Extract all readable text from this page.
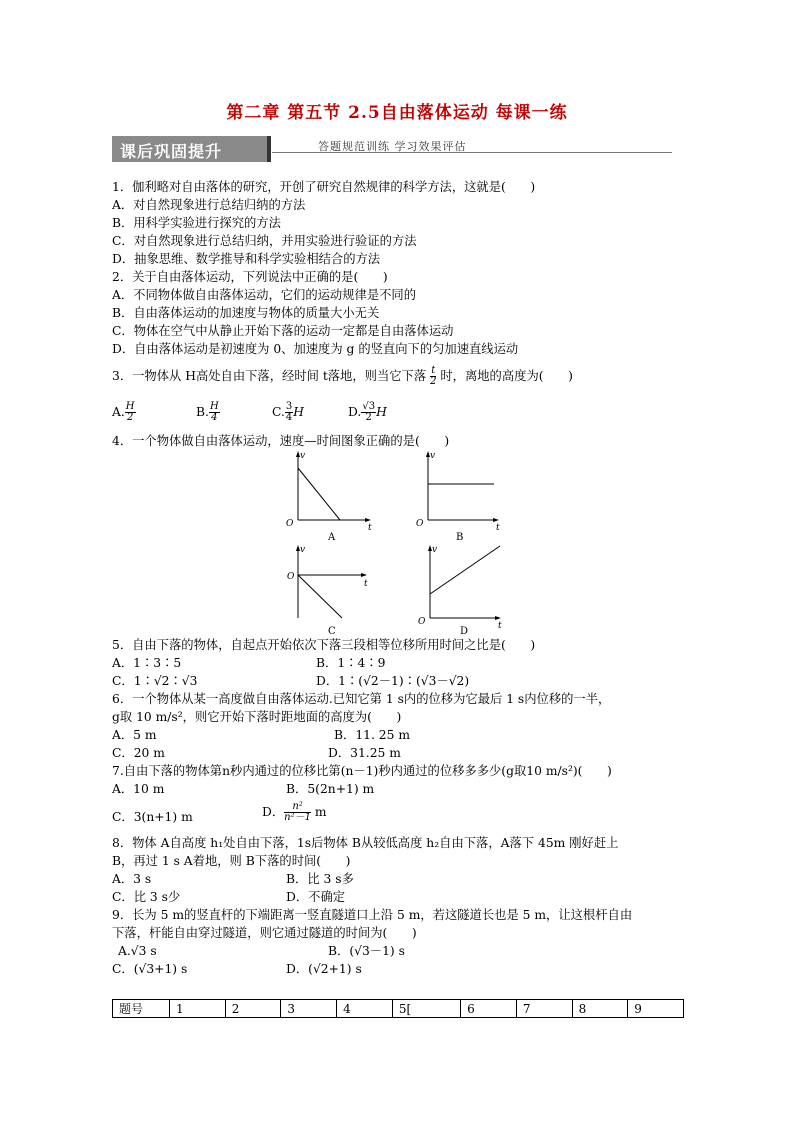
第二章 第五节 2.5自由落体运动 每课一练
课后巩固提升	答题规范训练 学习效果评估
1．伽利略对自由落体的研究，开创了研究自然规律的科学方法，这就是(　　)
A．对自然现象进行总结归纳的方法
B．用科学实验进行探究的方法
C．对自然现象进行总结归纳，并用实验进行验证的方法
D．抽象思维、数学推导和科学实验相结合的方法
2．关于自由落体运动，下列说法中正确的是(　　)
A．不同物体做自由落体运动，它们的运动规律是不同的
B．自由落体运动的加速度与物体的质量大小无关
C．物体在空气中从静止开始下落的运动一定都是自由落体运动
D．自由落体运动是初速度为 0、加速度为 g 的竖直向下的匀加速直线运动
3．一物体从 H高处自由下落，经时间 t落地，则当它下落 $\frac{t}{2}$ 时，离地的高度为(　　)
A. $\frac{H}{2}$	B. $\frac{H}{4}$	C. $\frac{3}{4}$ H	D. $\frac{√3}{2}$ H
4．一个物体做自由落体运动，速度—时间图象正确的是(　　)
v
t
O
A
v
t
O
B
v
t
O
C
v
t
O
D
5．自由下落的物体，自起点开始依次下落三段相等位移所用时间之比是(　　)
A．1∶3∶5	B．1∶4∶9
C．1∶√2∶√3	D．1∶(√2－1)∶(√3－√2)
6．一个物体从某一高度做自由落体运动.已知它第 1 s内的位移为它最后 1 s内位移的一半，
g取 10 m/s²，则它开始下落时距地面的高度为(　　)
A．5 m	B．11. 25 m
C．20 m	D．31.25 m
7.自由下落的物体第n秒内通过的位移比第(n－1)秒内通过的位移多多少(g取10 m/s²)(　　)
A．10 m	B．5(2n+1) m
C．3(n+1) m	D． $\frac{\text{n²}}{\text{n²－1}}$ m
8．物体 A自高度 h₁处自由下落，1s后物体 B从较低高度 h₂自由下落，A落下 45m 刚好赶上
B，再过 1 s A着地，则 B下落的时间(　　)
A．3 s	B．比 3 s多
C．比 3 s少	D．不确定
9．长为 5 m的竖直杆的下端距离一竖直隧道口上沿 5 m，若这隧道长也是 5 m，让这根杆自由
下落，杆能自由穿过隧道，则它通过隧道的时间为(　　)
A.√3 s	B．(√3－1) s
C．(√3+1) s	D．(√2+1) s
题号	1	2	3	4	5[	6	7	8	9
